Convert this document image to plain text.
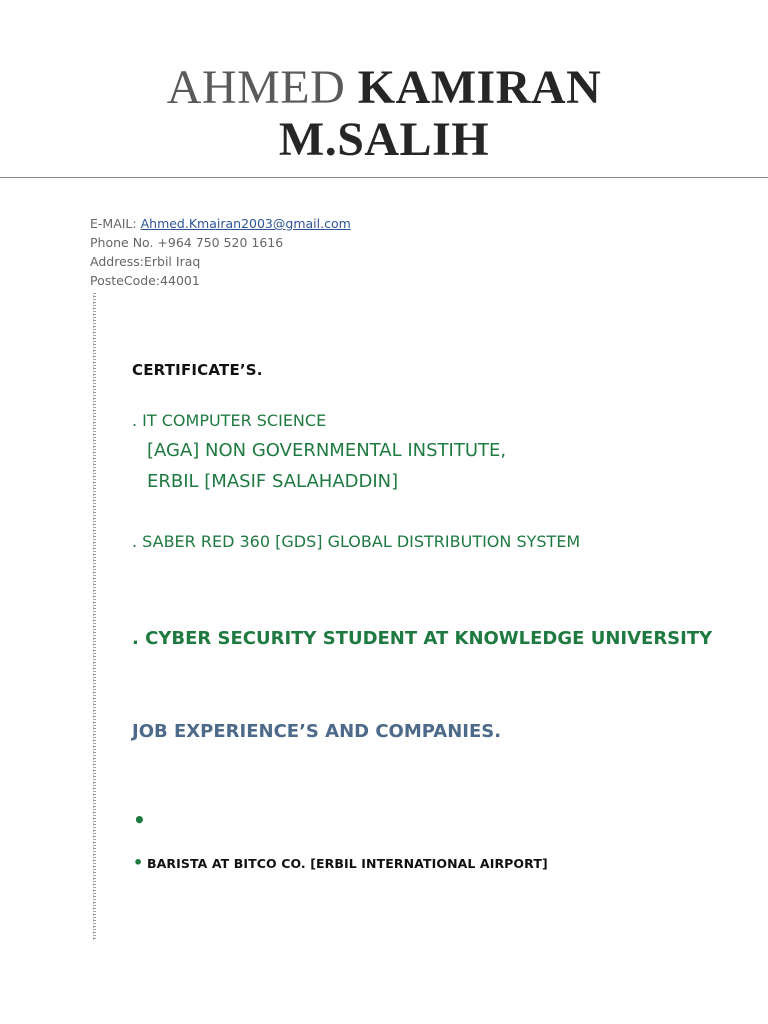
AHMED KAMIRAN
M.SALIH
E-MAIL: Ahmed.Kmairan2003@gmail.com
Phone No. +964 750 520 1616
Address:Erbil Iraq
PosteCode:44001
CERTIFICATE’S.
. IT COMPUTER SCIENCE
[AGA] NON GOVERNMENTAL INSTITUTE,
ERBIL [MASIF SALAHADDIN]
. SABER RED 360 [GDS] GLOBAL DISTRIBUTION SYSTEM
. CYBER SECURITY STUDENT AT KNOWLEDGE UNIVERSITY
JOB EXPERIENCE’S AND COMPANIES.
•
• BARISTA AT BITCO CO. [ERBIL INTERNATIONAL AIRPORT]
